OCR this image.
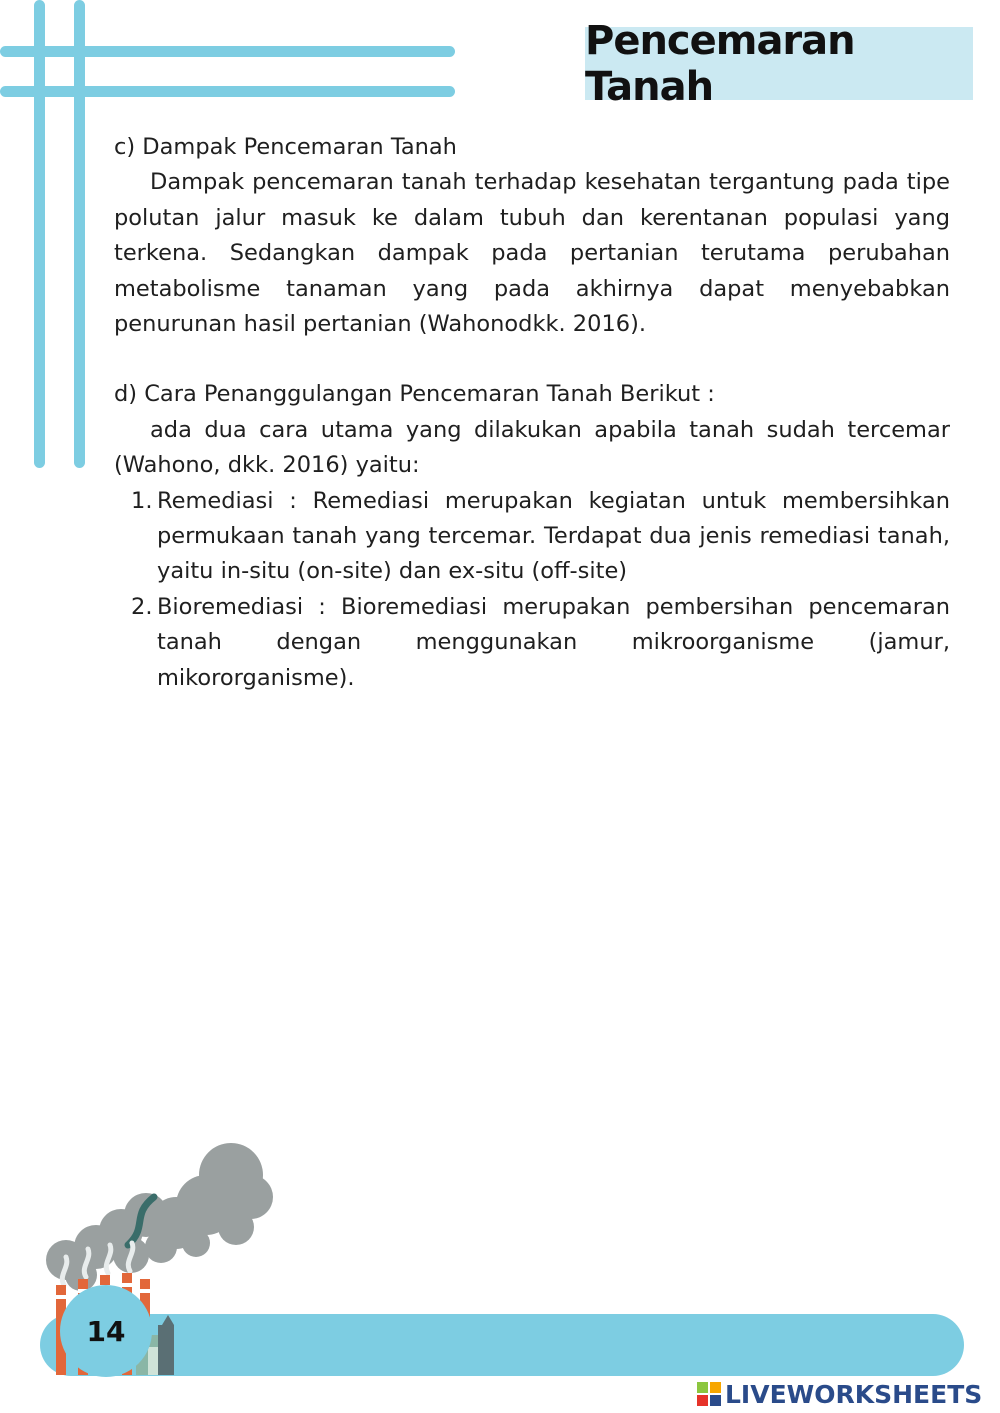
Pencemaran Tanah

c) Dampak Pencemaran Tanah

Dampak pencemaran tanah terhadap kesehatan tergantung pada tipe polutan jalur masuk ke dalam tubuh dan kerentanan populasi yang terkena. Sedangkan dampak pada pertanian terutama perubahan metabolisme tanaman yang pada akhirnya dapat menyebabkan penurunan hasil pertanian (Wahonodkk. 2016).

d) Cara Penanggulangan Pencemaran Tanah Berikut :

ada dua cara utama yang dilakukan apabila tanah sudah tercemar (Wahono, dkk. 2016) yaitu:

1. Remediasi : Remediasi merupakan kegiatan untuk membersihkan permukaan tanah yang tercemar. Terdapat dua jenis remediasi tanah, yaitu in-situ (on-site) dan ex-situ (off-site)
2. Bioremediasi : Bioremediasi merupakan pembersihan pencemaran tanah dengan menggunakan mikroorganisme (jamur, mikororganisme).
14
LIVEWORKSHEETS
